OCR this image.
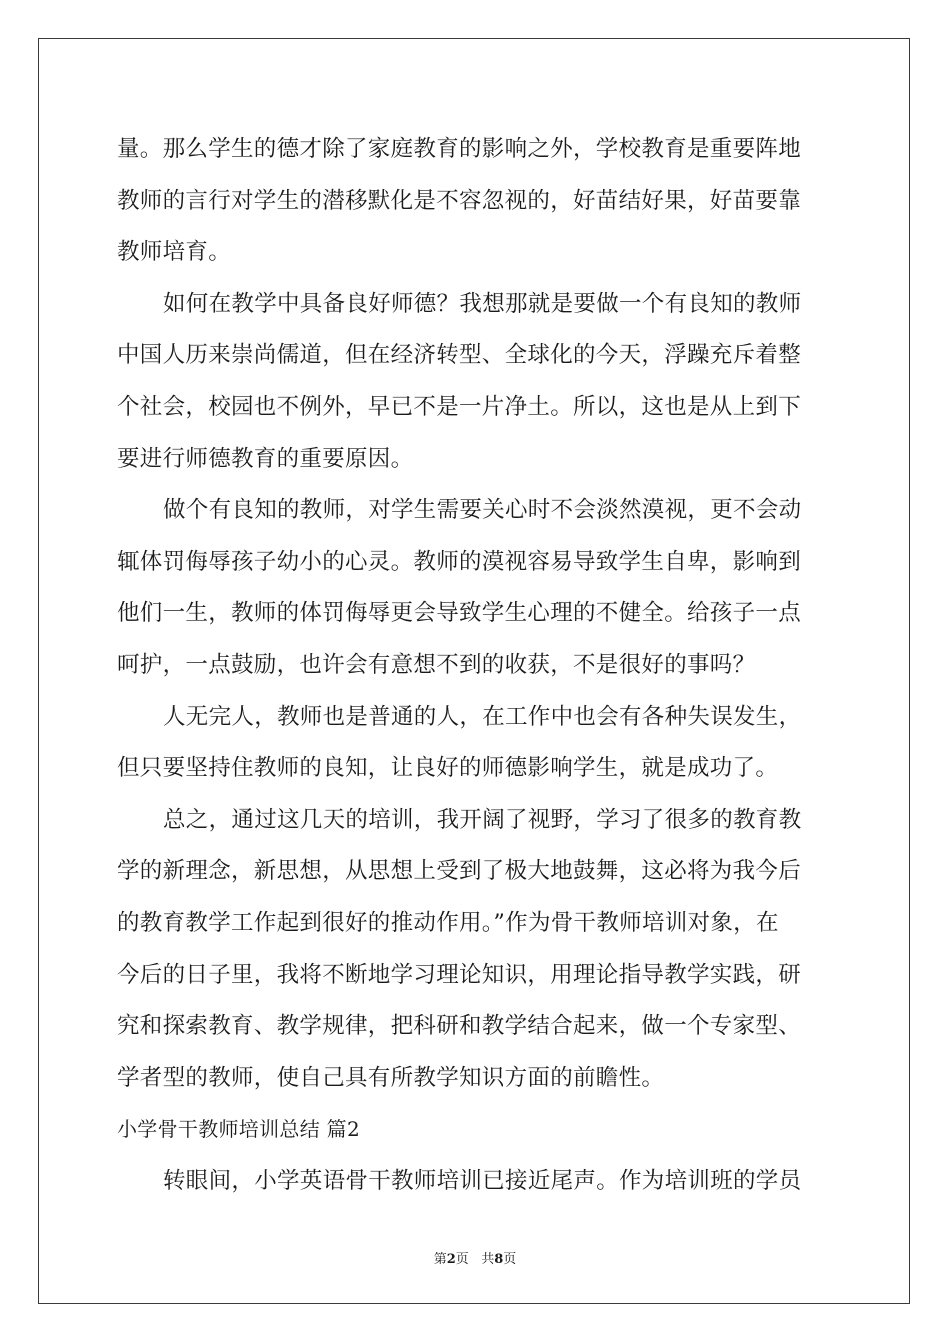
量。那么学生的德才除了家庭教育的影响之外，学校教育是重要阵地
教师的言行对学生的潜移默化是不容忽视的，好苗结好果，好苗要靠
教师培育。
如何在教学中具备良好师德？我想那就是要做一个有良知的教师
中国人历来崇尚儒道，但在经济转型、全球化的今天，浮躁充斥着整
个社会，校园也不例外，早已不是一片净土。所以，这也是从上到下
要进行师德教育的重要原因。
做个有良知的教师，对学生需要关心时不会淡然漠视，更不会动
辄体罚侮辱孩子幼小的心灵。教师的漠视容易导致学生自卑，影响到
他们一生，教师的体罚侮辱更会导致学生心理的不健全。给孩子一点
呵护，一点鼓励，也许会有意想不到的收获，不是很好的事吗？
人无完人，教师也是普通的人，在工作中也会有各种失误发生，
但只要坚持住教师的良知，让良好的师德影响学生，就是成功了。
总之，通过这几天的培训，我开阔了视野，学习了很多的教育教
学的新理念，新思想，从思想上受到了极大地鼓舞，这必将为我今后
的教育教学工作起到很好的推动作用。”作为骨干教师培训对象，在
今后的日子里，我将不断地学习理论知识，用理论指导教学实践，研
究和探索教育、教学规律，把科研和教学结合起来，做一个专家型、
学者型的教师，使自己具有所教学知识方面的前瞻性。
小学骨干教师培训总结 篇2
转眼间，小学英语骨干教师培训已接近尾声。作为培训班的学员
第2页 共8页
